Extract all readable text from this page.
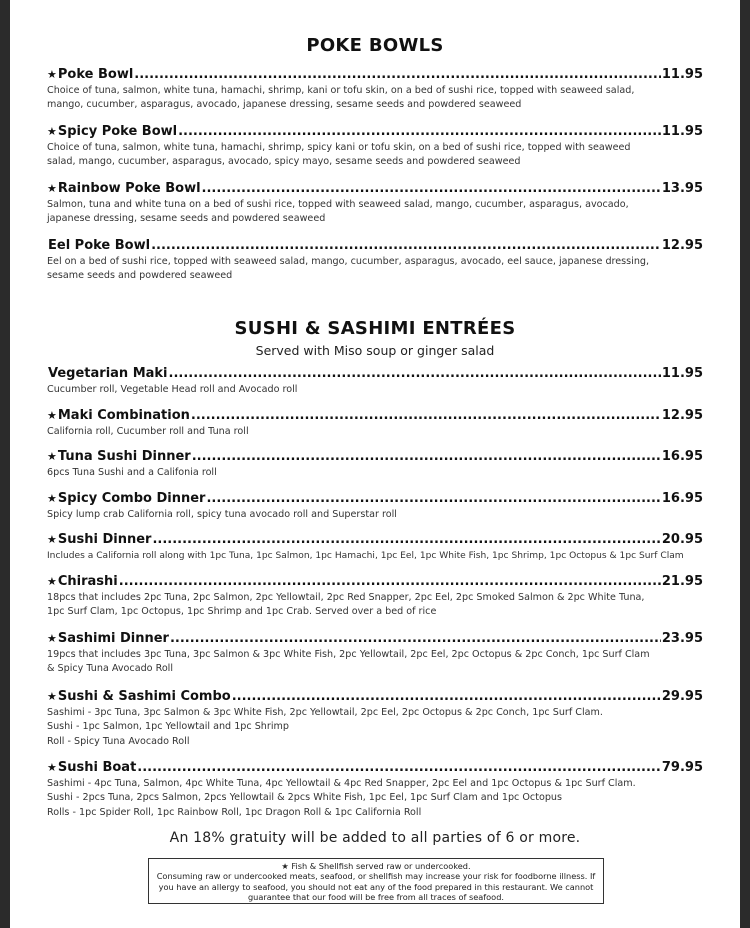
POKE BOWLS
★ Poke Bowl .....	11.95
Choice of tuna, salmon, white tuna, hamachi, shrimp, kani or tofu skin, on a bed of sushi rice, topped with seaweed salad,
mango, cucumber, asparagus, avocado, japanese dressing, sesame seeds and powdered seaweed
★ Spicy Poke Bowl .....	11.95
Choice of tuna, salmon, white tuna, hamachi, shrimp, spicy kani or tofu skin, on a bed of sushi rice, topped with seaweed
salad, mango, cucumber, asparagus, avocado, spicy mayo, sesame seeds and powdered seaweed
★ Rainbow Poke Bowl .....	13.95
Salmon, tuna and white tuna on a bed of sushi rice, topped with seaweed salad, mango, cucumber, asparagus, avocado,
japanese dressing, sesame seeds and powdered seaweed
Eel Poke Bowl .....	12.95
Eel on a bed of sushi rice, topped with seaweed salad, mango, cucumber, asparagus, avocado, eel sauce, japanese dressing,
sesame seeds and powdered seaweed
SUSHI & SASHIMI ENTRÉES
Served with Miso soup or ginger salad
Vegetarian Maki .....	11.95
Cucumber roll, Vegetable Head roll and Avocado roll
★ Maki Combination .....	12.95
California roll, Cucumber roll and Tuna roll
★ Tuna Sushi Dinner .....	16.95
6pcs Tuna Sushi and a Califonia roll
★ Spicy Combo Dinner .....	16.95
Spicy lump crab California roll, spicy tuna avocado roll and Superstar roll
★ Sushi Dinner .....	20.95
Includes a California roll along with 1pc Tuna, 1pc Salmon, 1pc Hamachi, 1pc Eel, 1pc White Fish, 1pc Shrimp, 1pc Octopus & 1pc Surf Clam
★ Chirashi .....	21.95
18pcs that includes 2pc Tuna, 2pc Salmon, 2pc Yellowtail, 2pc Red Snapper, 2pc Eel, 2pc Smoked Salmon & 2pc White Tuna,
1pc Surf Clam, 1pc Octopus, 1pc Shrimp and 1pc Crab. Served over a bed of rice
★ Sashimi Dinner .....	23.95
19pcs that includes 3pc Tuna, 3pc Salmon & 3pc White Fish, 2pc Yellowtail, 2pc Eel, 2pc Octopus & 2pc Conch, 1pc Surf Clam
& Spicy Tuna Avocado Roll
★ Sushi & Sashimi Combo .....	29.95
Sashimi - 3pc Tuna, 3pc Salmon & 3pc White Fish, 2pc Yellowtail, 2pc Eel, 2pc Octopus & 2pc Conch, 1pc Surf Clam.
Sushi - 1pc Salmon, 1pc Yellowtail and 1pc Shrimp
Roll - Spicy Tuna Avocado Roll
★ Sushi Boat .....	79.95
Sashimi - 4pc Tuna, Salmon, 4pc White Tuna, 4pc Yellowtail & 4pc Red Snapper, 2pc Eel and 1pc Octopus & 1pc Surf Clam.
Sushi - 2pcs Tuna, 2pcs Salmon, 2pcs Yellowtail & 2pcs White Fish, 1pc Eel, 1pc Surf Clam and 1pc Octopus
Rolls - 1pc Spider Roll, 1pc Rainbow Roll, 1pc Dragon Roll & 1pc California Roll
An 18% gratuity will be added to all parties of 6 or more.
★ Fish & Shellfish served raw or undercooked.
Consuming raw or undercooked meats, seafood, or shellfish may increase your risk for foodborne illness. If you have an allergy to seafood, you should not eat any of the food prepared in this restaurant. We cannot guarantee that our food will be free from all traces of seafood.
